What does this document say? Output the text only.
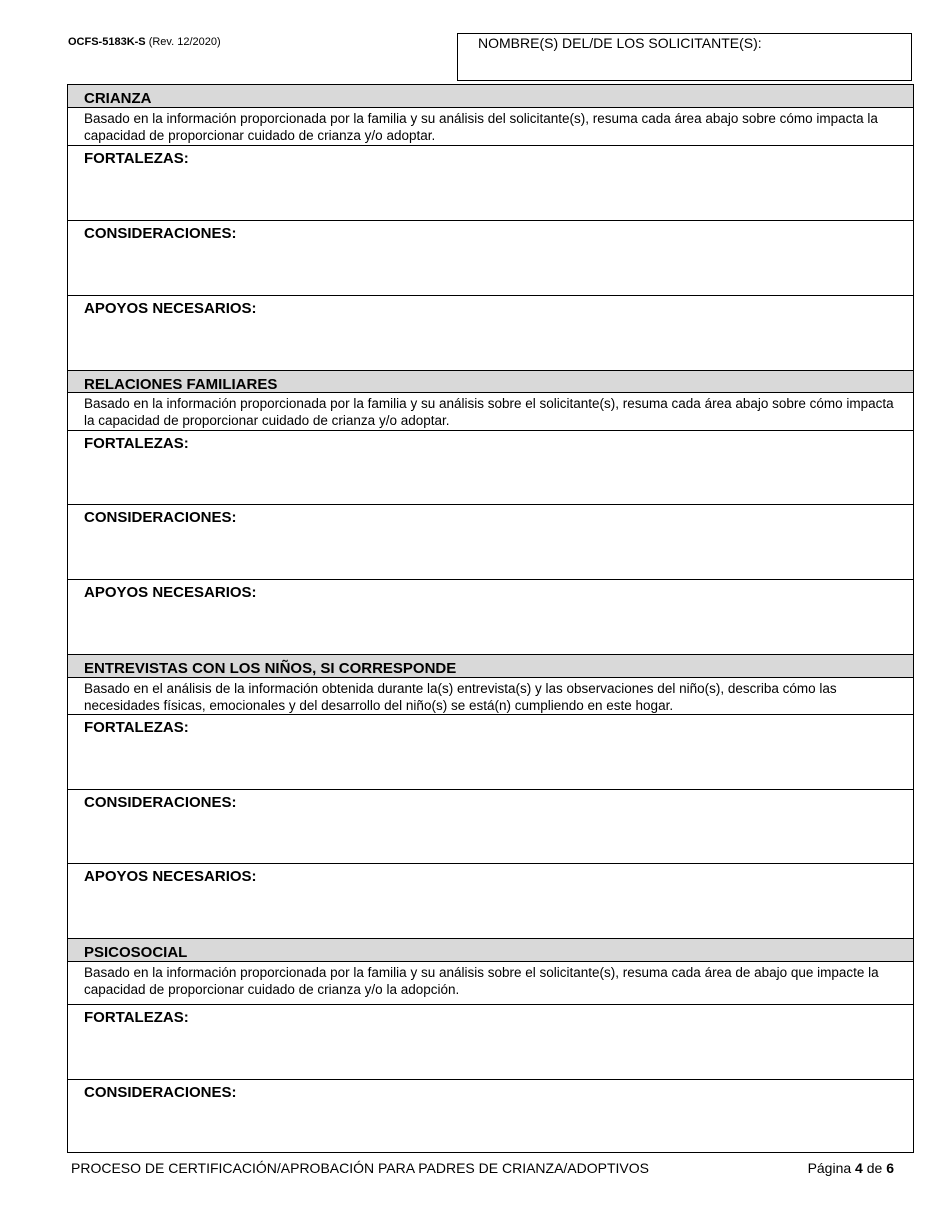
OCFS-5183K-S (Rev. 12/2020)	NOMBRE(S) DEL/DE LOS SOLICITANTE(S):
CRIANZA
Basado en la información proporcionada por la familia y su análisis del solicitante(s), resuma cada área abajo sobre cómo impacta la capacidad de proporcionar cuidado de crianza y/o adoptar.
FORTALEZAS:
CONSIDERACIONES:
APOYOS NECESARIOS:
RELACIONES FAMILIARES
Basado en la información proporcionada por la familia y su análisis sobre el solicitante(s), resuma cada área abajo sobre cómo impacta la capacidad de proporcionar cuidado de crianza y/o adoptar.
FORTALEZAS:
CONSIDERACIONES:
APOYOS NECESARIOS:
ENTREVISTAS CON LOS NIÑOS, SI CORRESPONDE
Basado en el análisis de la información obtenida durante la(s) entrevista(s) y las observaciones del niño(s), describa cómo las necesidades físicas, emocionales y del desarrollo del niño(s) se está(n) cumpliendo en este hogar.
FORTALEZAS:
CONSIDERACIONES:
APOYOS NECESARIOS:
PSICOSOCIAL
Basado en la información proporcionada por la familia y su análisis sobre el solicitante(s), resuma cada área de abajo que impacte la capacidad de proporcionar cuidado de crianza y/o la adopción.
FORTALEZAS:
CONSIDERACIONES:
PROCESO DE CERTIFICACIÓN/APROBACIÓN PARA PADRES DE CRIANZA/ADOPTIVOS	Página 4 de 6
